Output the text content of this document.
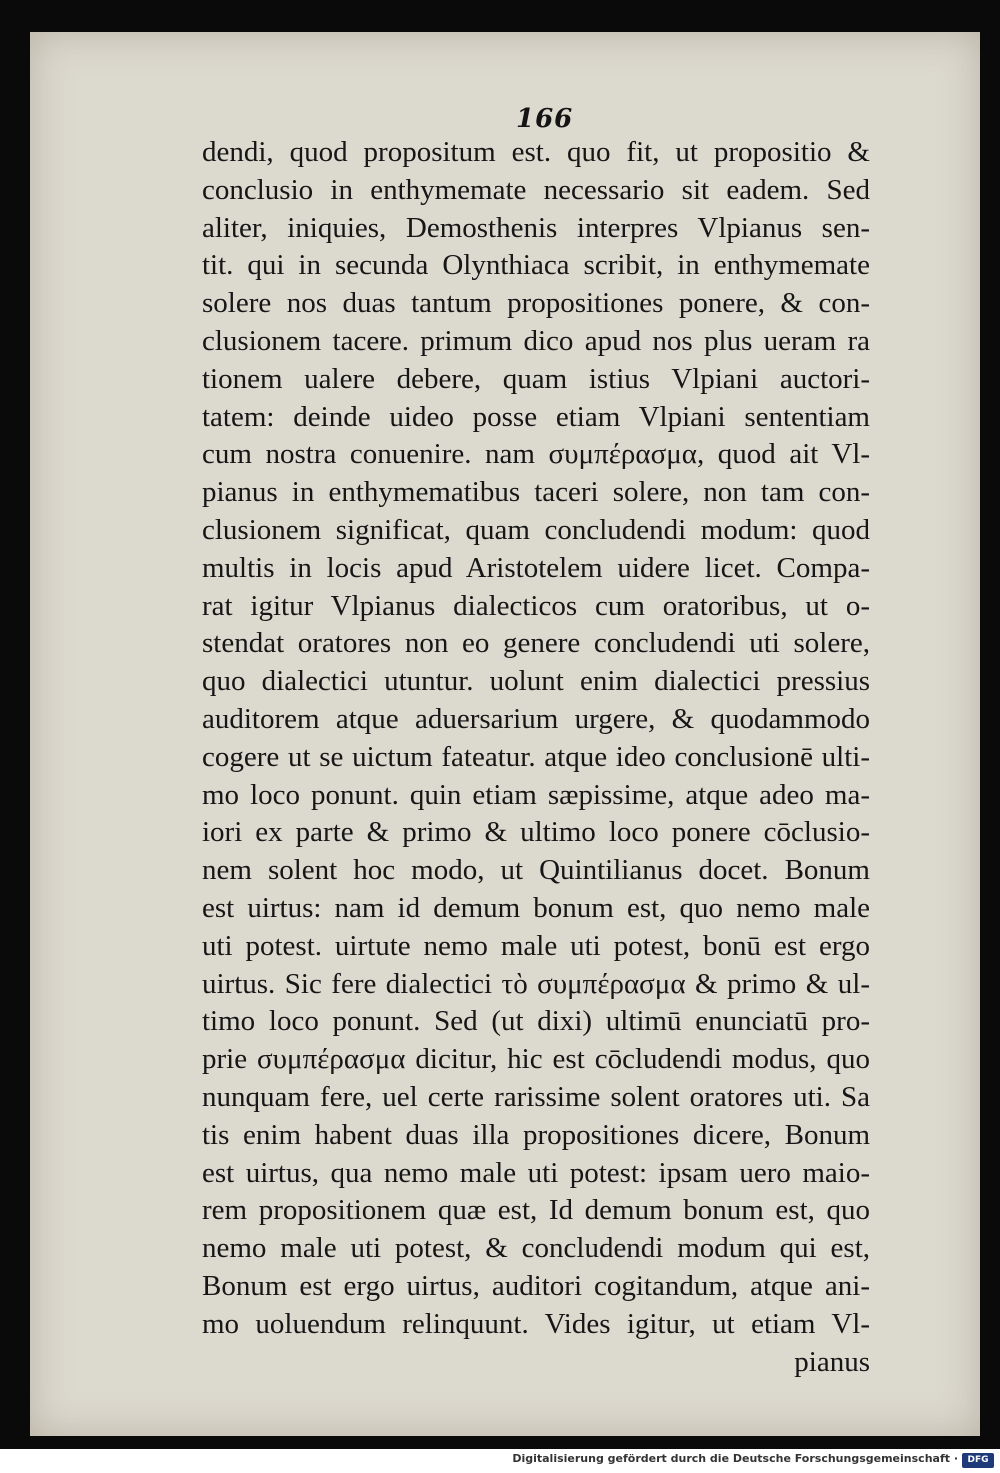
166
dendi, quod propositum est. quo fit, ut propositio &
conclusio in enthymemate necessario sit eadem. Sed
aliter, iniquies, Demosthenis interpres Vlpianus sen-
tit. qui in secunda Olynthiaca scribit, in enthymemate
solere nos duas tantum propositiones ponere, & con-
clusionem tacere. primum dico apud nos plus ueram ra
tionem ualere debere, quam istius Vlpiani auctori-
tatem: deinde uideo posse etiam Vlpiani sententiam
cum nostra conuenire. nam συμπέρασμα, quod ait Vl-
pianus in enthymematibus taceri solere, non tam con-
clusionem significat, quam concludendi modum: quod
multis in locis apud Aristotelem uidere licet. Compa-
rat igitur Vlpianus dialecticos cum oratoribus, ut o-
stendat oratores non eo genere concludendi uti solere,
quo dialectici utuntur. uolunt enim dialectici pressius
auditorem atque aduersarium urgere, & quodammodo
cogere ut se uictum fateatur. atque ideo conclusionē ulti-
mo loco ponunt. quin etiam sæpissime, atque adeo ma-
iori ex parte & primo & ultimo loco ponere cōclusio-
nem solent hoc modo, ut Quintilianus docet. Bonum
est uirtus: nam id demum bonum est, quo nemo male
uti potest. uirtute nemo male uti potest, bonū est ergo
uirtus. Sic fere dialectici τὸ συμπέρασμα & primo & ul-
timo loco ponunt. Sed (ut dixi) ultimū enunciatū pro-
prie συμπέρασμα dicitur, hic est cōcludendi modus, quo
nunquam fere, uel certe rarissime solent oratores uti. Sa
tis enim habent duas illa propositiones dicere, Bonum
est uirtus, qua nemo male uti potest: ipsam uero maio-
rem propositionem quæ est, Id demum bonum est, quo
nemo male uti potest, & concludendi modum qui est,
Bonum est ergo uirtus, auditori cogitandum, atque ani-
mo uoluendum relinquunt. Vides igitur, ut etiam Vl-
pianus
Digitalisierung gefördert durch die Deutsche Forschungsgemeinschaft ·	DFG
